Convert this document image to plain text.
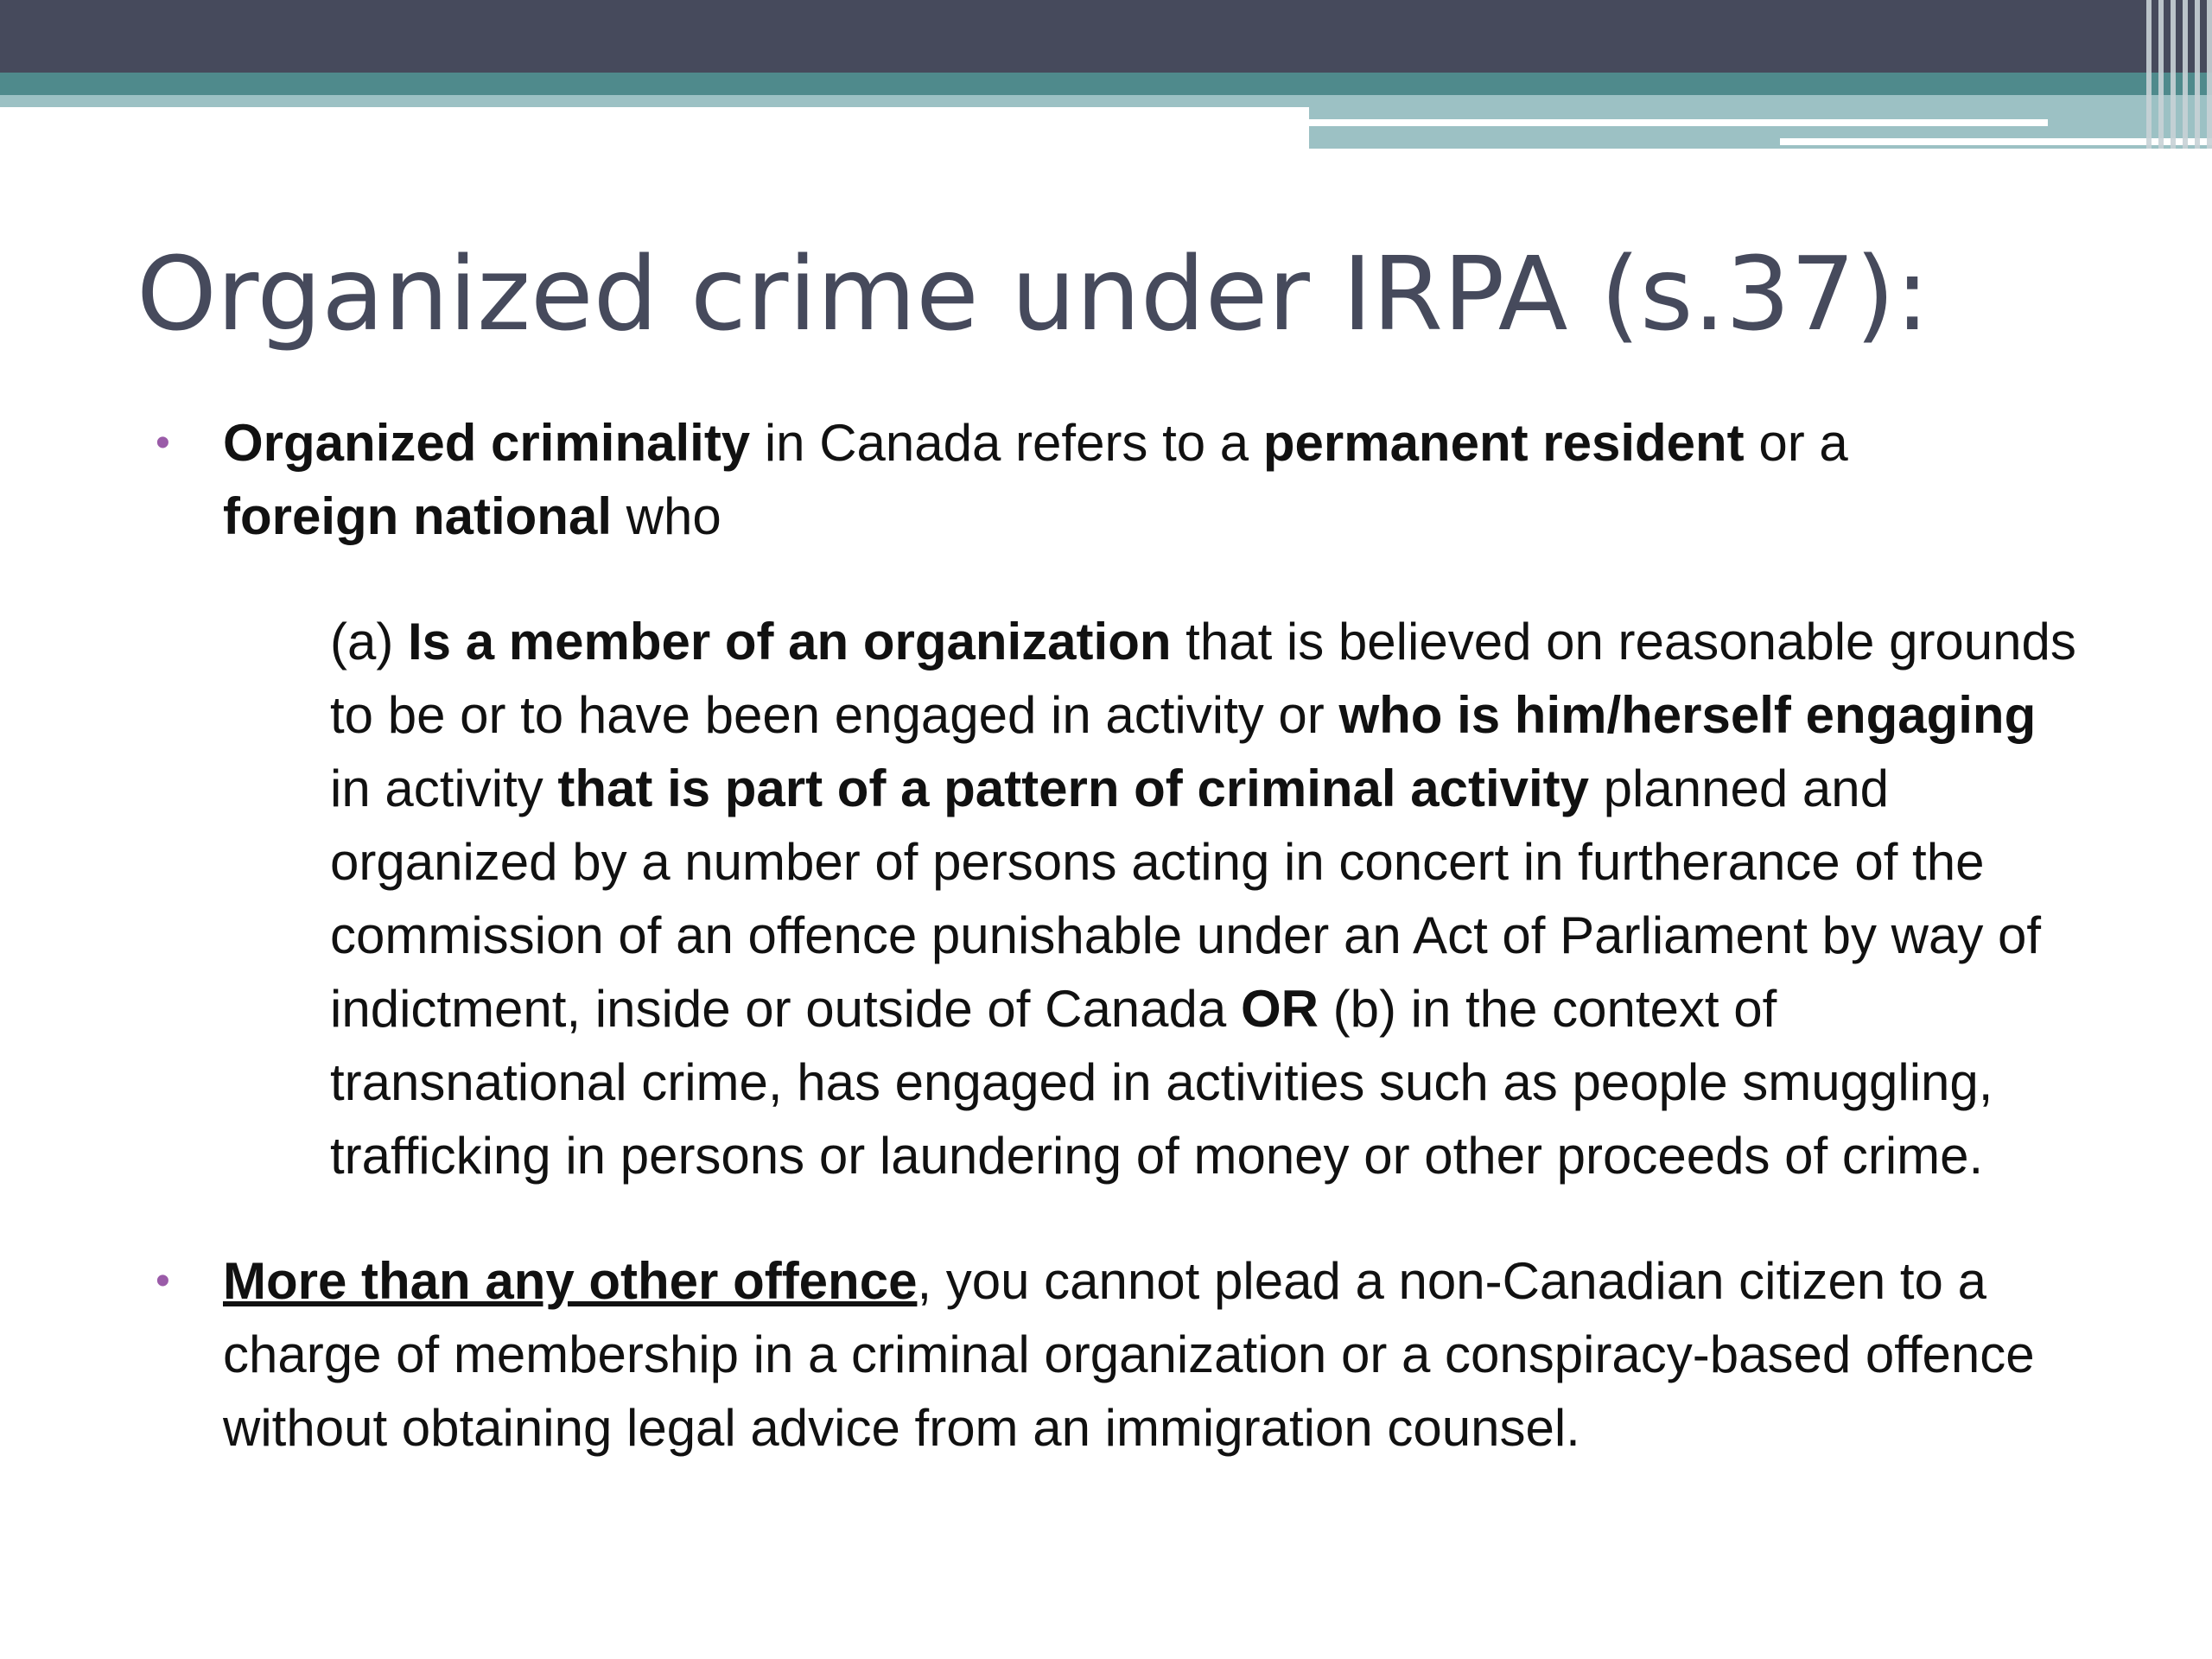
Organized crime under IRPA (s.37):
• Organized criminality in Canada refers to a permanent resident or a
foreign national who
(a) Is a member of an organization that is believed on reasonable grounds to be or to have been engaged in activity or who is him/herself engaging in activity that is part of a pattern of criminal activity planned and organized by a number of persons acting in concert in furtherance of the commission of an offence punishable under an Act of Parliament by way of indictment, inside or outside of Canada OR (b) in the context of transnational crime, has engaged in activities such as people smuggling, trafficking in persons or laundering of money or other proceeds of crime.
• More than any other offence, you cannot plead a non-Canadian citizen to a charge of membership in a criminal organization or a conspiracy-based offence without obtaining legal advice from an immigration counsel.
